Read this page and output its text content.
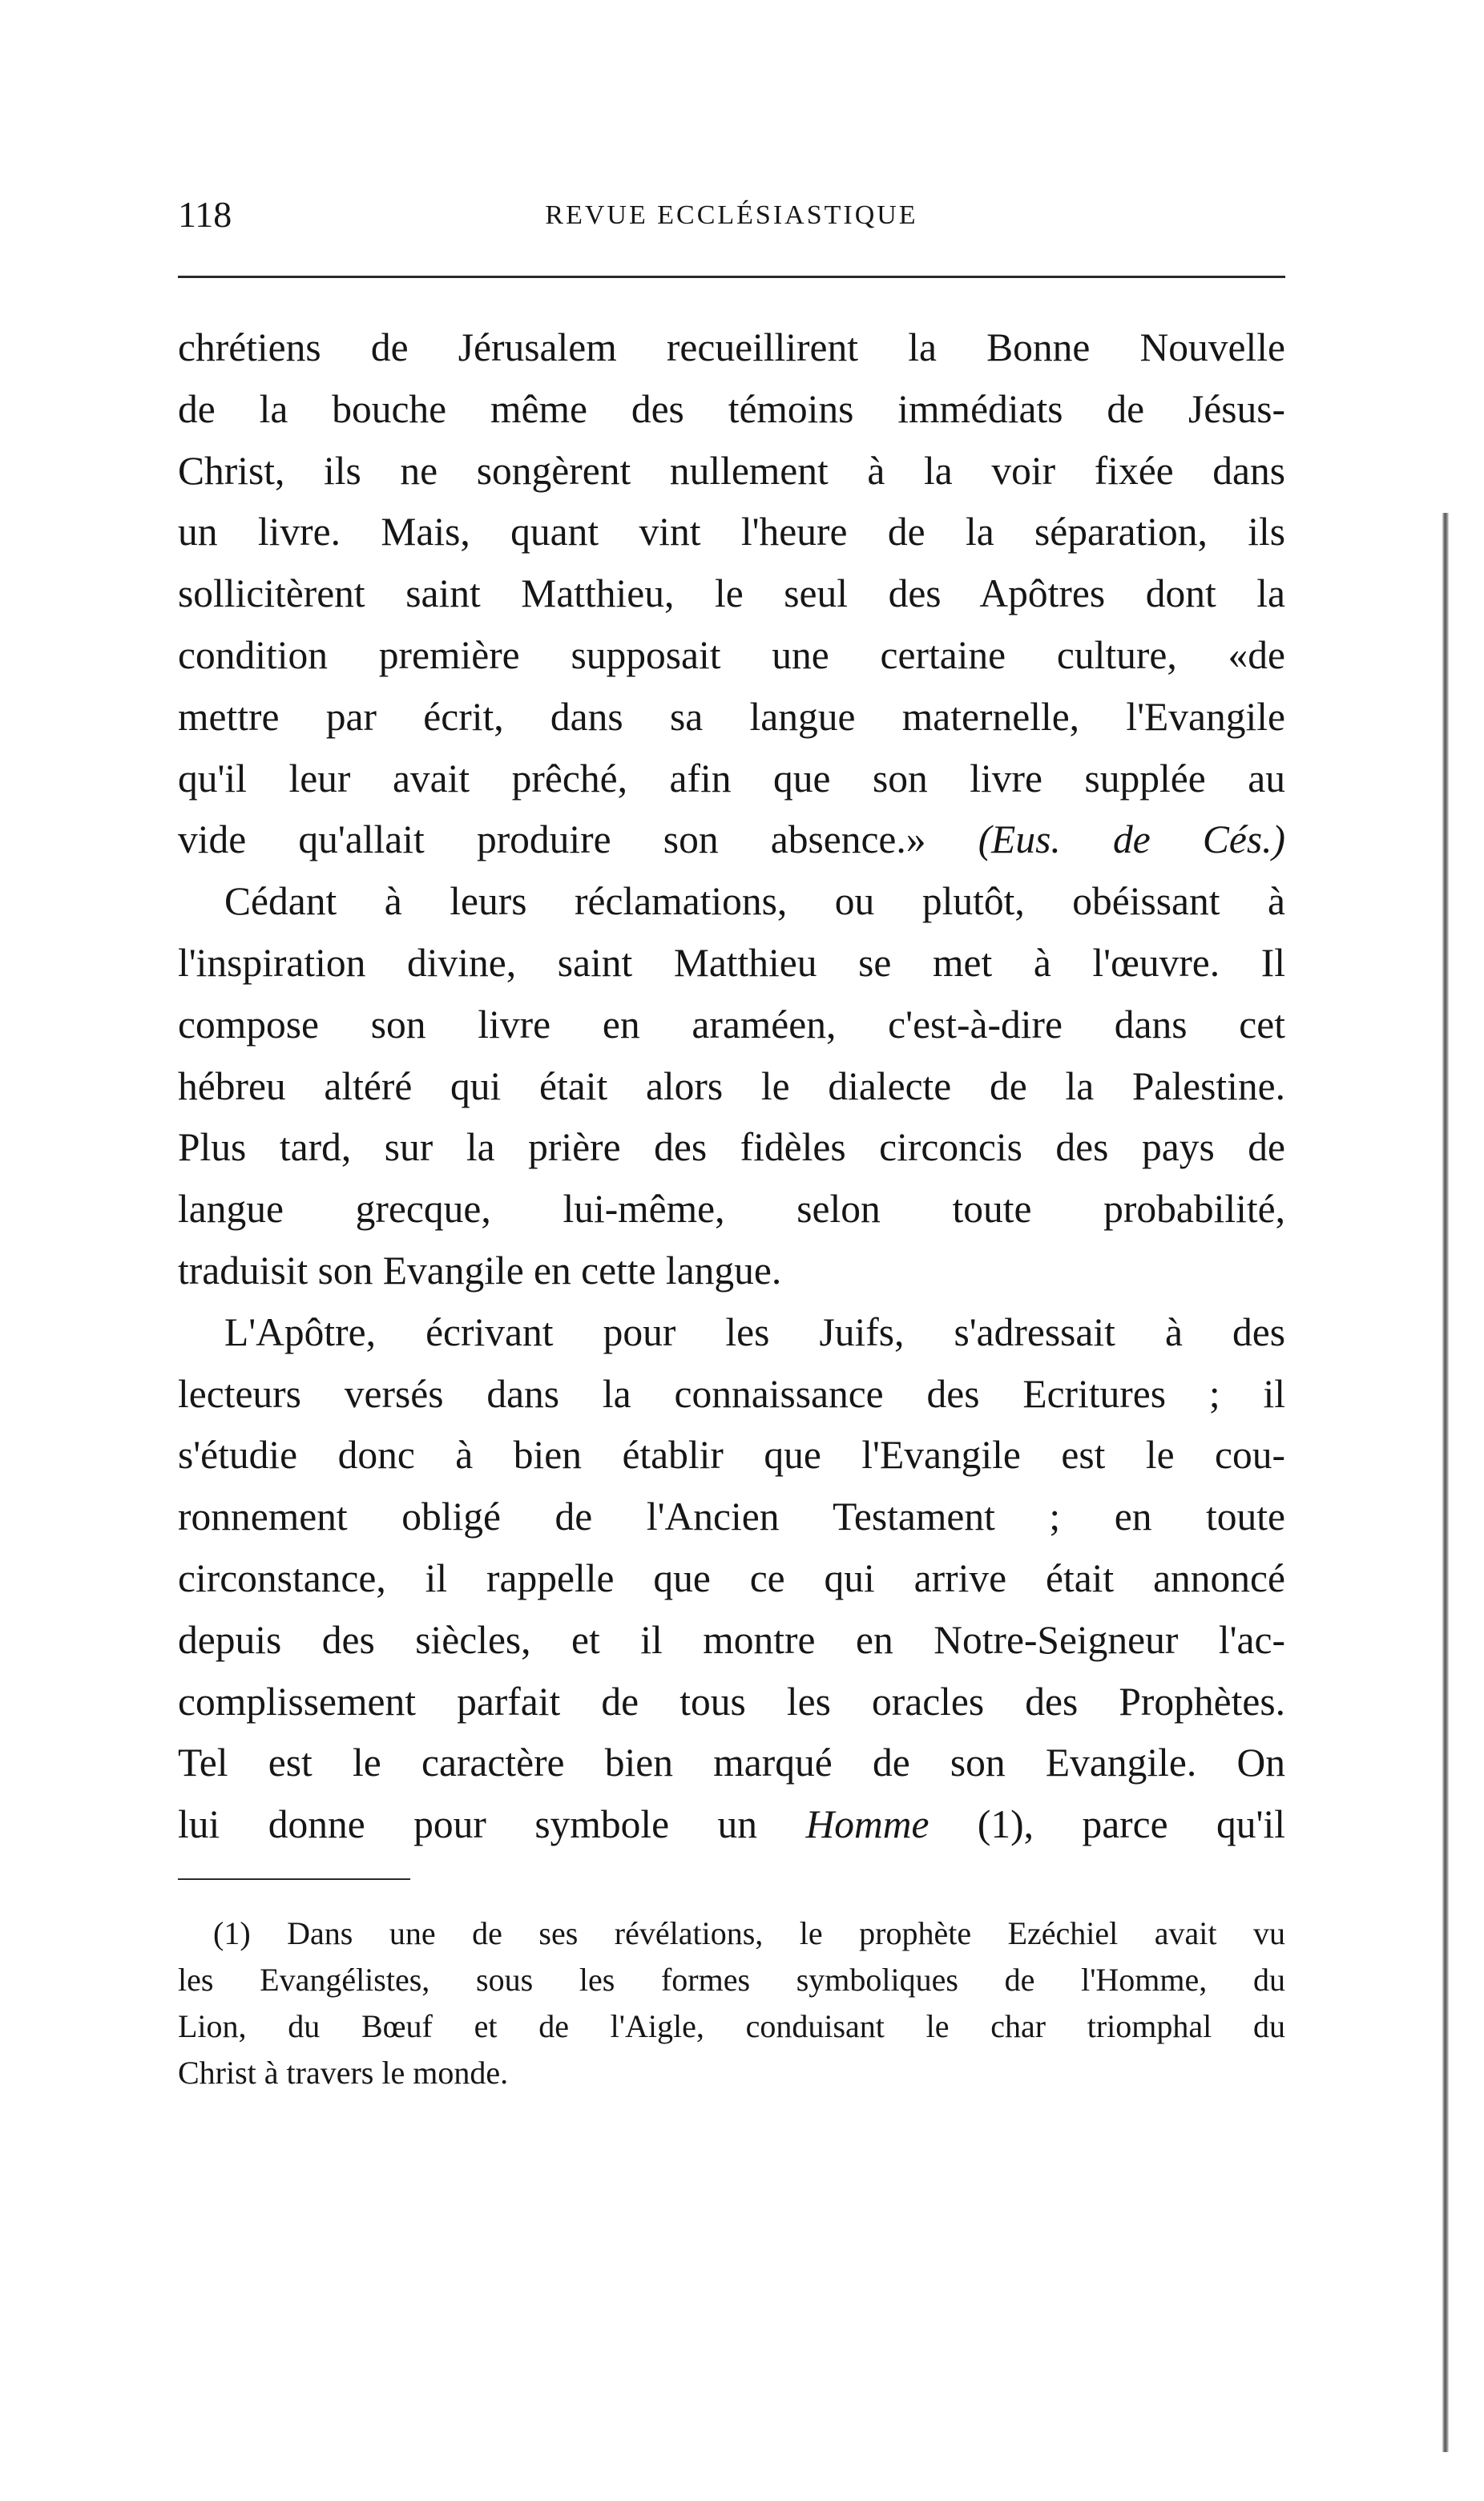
118	REVUE ECCLÉSIASTIQUE
chrétiens de Jérusalem recueillirent la Bonne Nouvelle
de la bouche même des témoins immédiats de Jésus-
Christ, ils ne songèrent nullement à la voir fixée dans
un livre. Mais, quant vint l'heure de la séparation, ils
sollicitèrent saint Matthieu, le seul des Apôtres dont la
condition première supposait une certaine culture, «de
mettre par écrit, dans sa langue maternelle, l'Evangile
qu'il leur avait prêché, afin que son livre supplée au
vide qu'allait produire son absence.» (Eus. de Cés.)
Cédant à leurs réclamations, ou plutôt, obéissant à
l'inspiration divine, saint Matthieu se met à l'œuvre. Il
compose son livre en araméen, c'est-à-dire dans cet
hébreu altéré qui était alors le dialecte de la Palestine.
Plus tard, sur la prière des fidèles circoncis des pays de
langue grecque, lui-même, selon toute probabilité,
traduisit son Evangile en cette langue.
L'Apôtre, écrivant pour les Juifs, s'adressait à des
lecteurs versés dans la connaissance des Ecritures ; il
s'étudie donc à bien établir que l'Evangile est le cou-
ronnement obligé de l'Ancien Testament ; en toute
circonstance, il rappelle que ce qui arrive était annoncé
depuis des siècles, et il montre en Notre-Seigneur l'ac-
complissement parfait de tous les oracles des Prophètes.
Tel est le caractère bien marqué de son Evangile. On
lui donne pour symbole un Homme (1), parce qu'il
(1) Dans une de ses révélations, le prophète Ezéchiel avait vu
les Evangélistes, sous les formes symboliques de l'Homme, du
Lion, du Bœuf et de l'Aigle, conduisant le char triomphal du
Christ à travers le monde.
